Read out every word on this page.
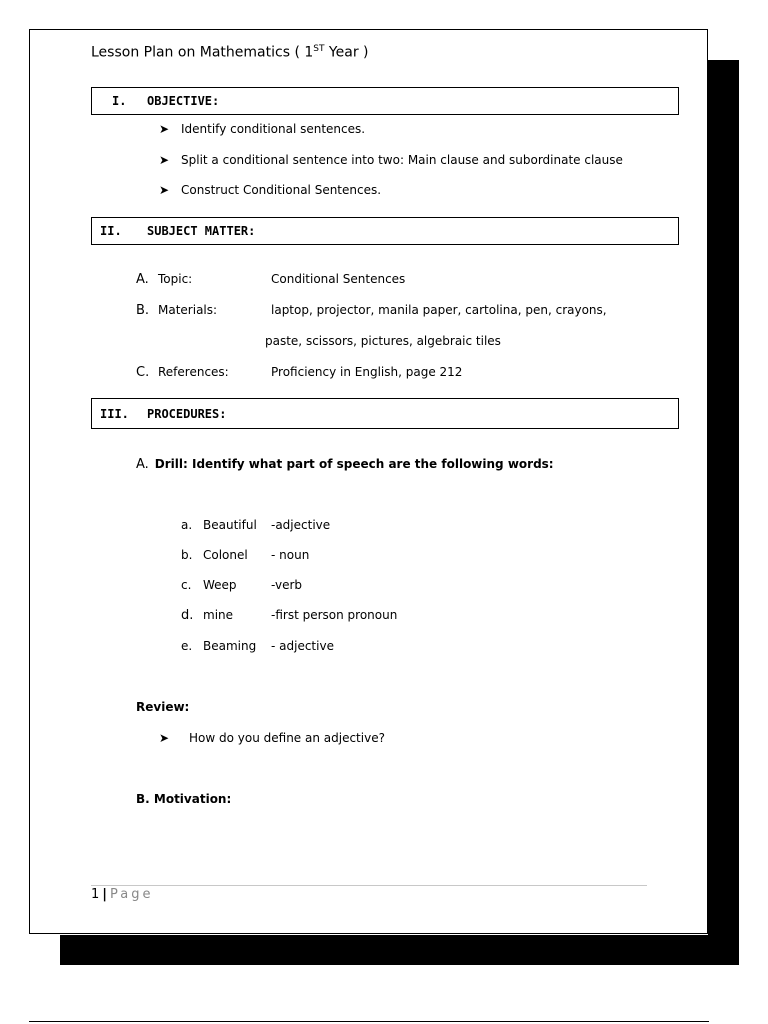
Lesson Plan on Mathematics ( 1ST Year )
I.	OBJECTIVE:
➤ Identify conditional sentences.
➤ Split a conditional sentence into two: Main clause and subordinate clause
➤ Construct Conditional Sentences.
II.	SUBJECT MATTER:
A. Topic:	Conditional Sentences
B. Materials:	laptop, projector, manila paper, cartolina, pen, crayons,
paste, scissors, pictures, algebraic tiles
C. References:	Proficiency in English, page 212
III.	PROCEDURES:
A. Drill: Identify what part of speech are the following words:
a. Beautiful -adjective
b. Colonel - noun
c. Weep	-verb
d. mine	-first person pronoun
e. Beaming - adjective
Review:
➤ How do you define an adjective?
B. Motivation:
1 | Page
